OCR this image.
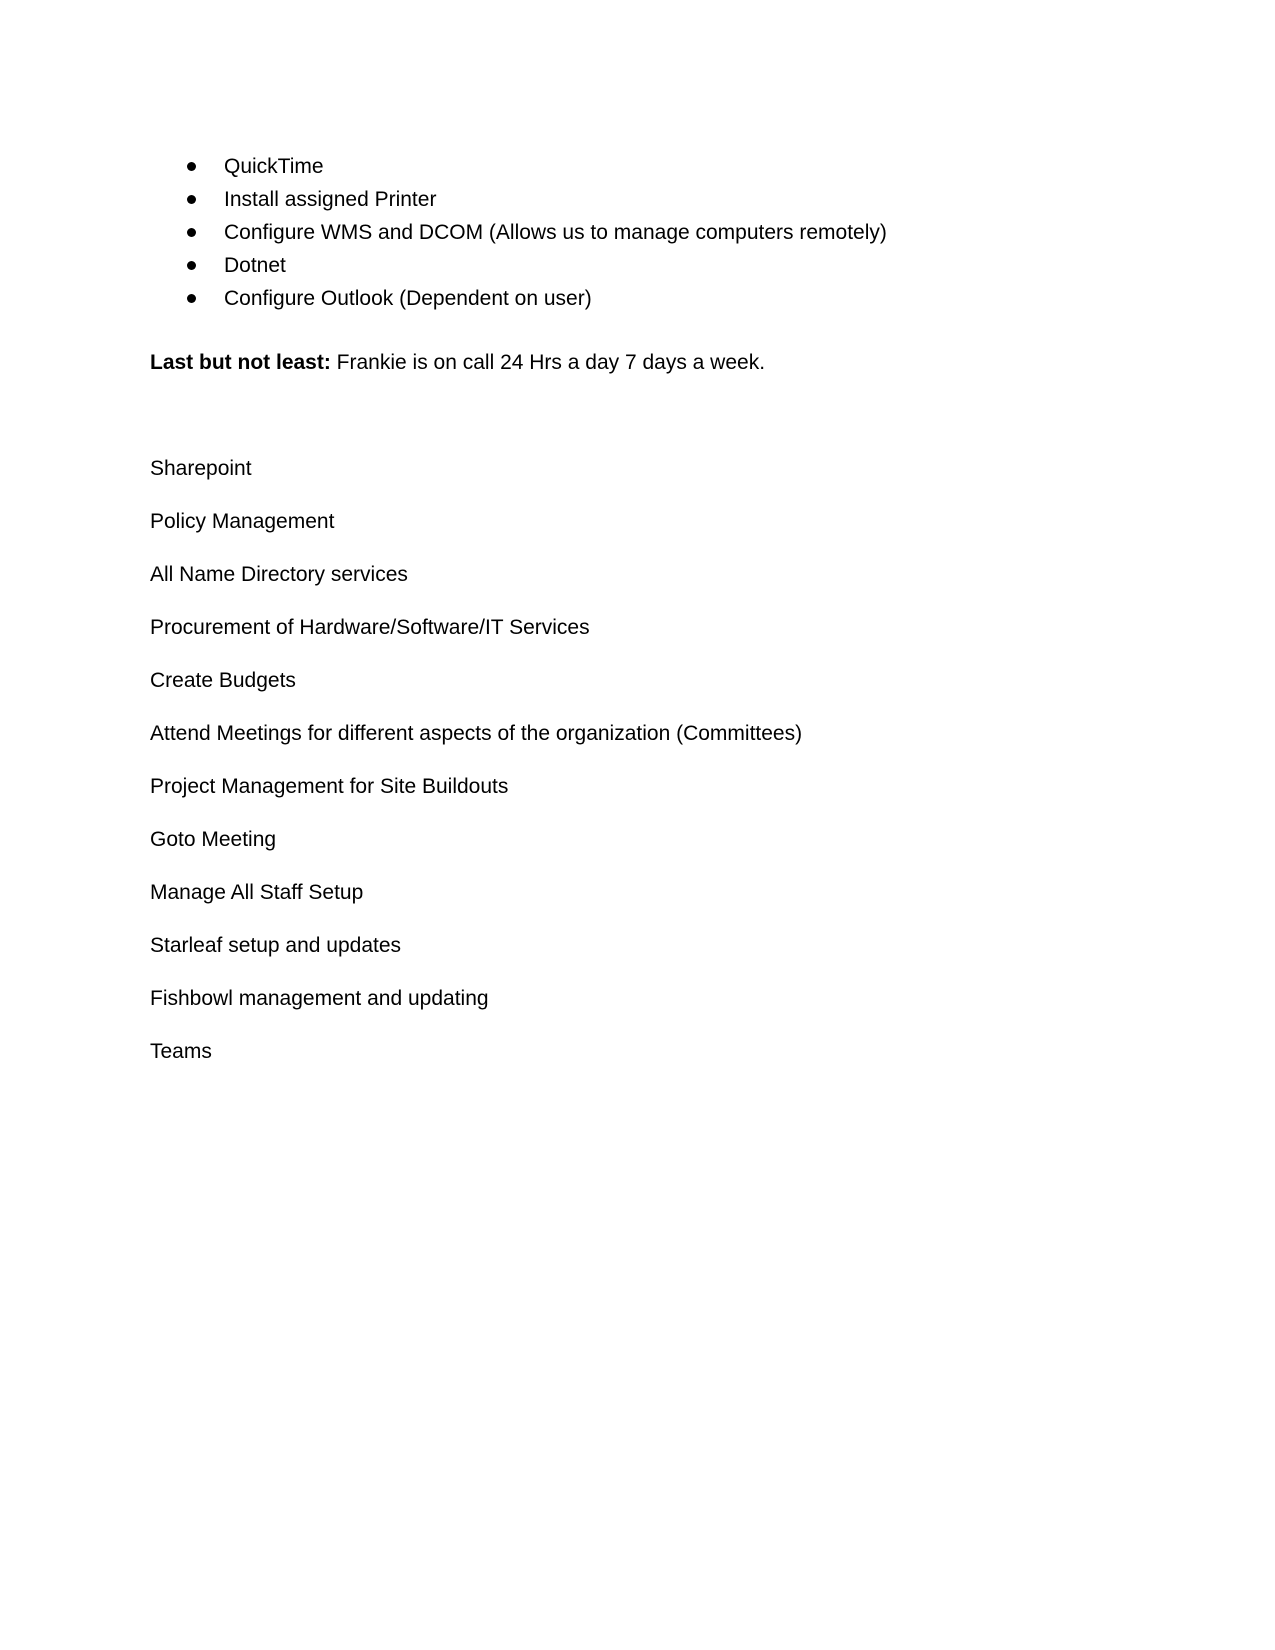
QuickTime
Install assigned Printer
Configure WMS and DCOM (Allows us to manage computers remotely)
Dotnet
Configure Outlook (Dependent on user)

Last but not least: Frankie is on call 24 Hrs a day 7 days a week.

Sharepoint
Policy Management
All Name Directory services
Procurement of Hardware/Software/IT Services
Create Budgets
Attend Meetings for different aspects of the organization (Committees)
Project Management for Site Buildouts
Goto Meeting
Manage All Staff Setup
Starleaf setup and updates
Fishbowl management and updating
Teams
